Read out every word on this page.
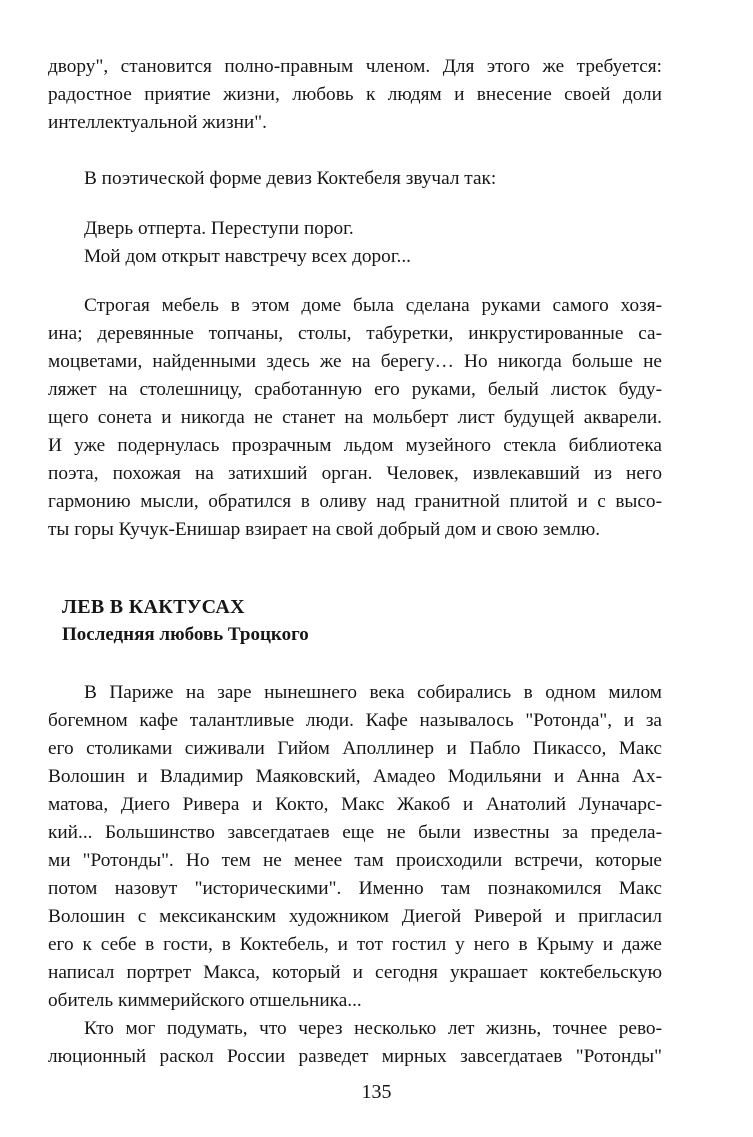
двору", становится полно-правным членом. Для этого же требуется:
радостное приятие жизни, любовь к людям и внесение своей доли
интеллектуальной жизни".
В поэтической форме девиз Коктебеля звучал так:
Дверь отперта. Переступи порог.
Мой дом открыт навстречу всех дорог...
Строгая мебель в этом доме была сделана руками самого хозя-
ина; деревянные топчаны, столы, табуретки, инкрустированные са-
моцветами, найденными здесь же на берегу… Но никогда больше не
ляжет на столешницу, сработанную его руками, белый листок буду-
щего сонета и никогда не станет на мольберт лист будущей акварели.
И уже подернулась прозрачным льдом музейного стекла библиотека
поэта, похожая на затихший орган. Человек, извлекавший из него
гармонию мысли, обратился в оливу над гранитной плитой и с высо-
ты горы Кучук-Енишар взирает на свой добрый дом и свою землю.
ЛЕВ В КАКТУСАХ
Последняя любовь Троцкого
В Париже на заре нынешнего века собирались в одном милом
богемном кафе талантливые люди. Кафе называлось "Ротонда", и за
его столиками сиживали Гийом Аполлинер и Пабло Пикассо, Макс
Волошин и Владимир Маяковский, Амадео Модильяни и Анна Ах-
матова, Диего Ривера и Кокто, Макс Жакоб и Анатолий Луначарс-
кий... Большинство завсегдатаев еще не были известны за предела-
ми "Ротонды". Но тем не менее там происходили встречи, которые
потом назовут "историческими". Именно там познакомился Макс
Волошин с мексиканским художником Диегой Риверой и пригласил
его к себе в гости, в Коктебель, и тот гостил у него в Крыму и даже
написал портрет Макса, который и сегодня украшает коктебельскую
обитель киммерийского отшельника...
Кто мог подумать, что через несколько лет жизнь, точнее рево-
люционный раскол России разведет мирных завсегдатаев "Ротонды"
135
